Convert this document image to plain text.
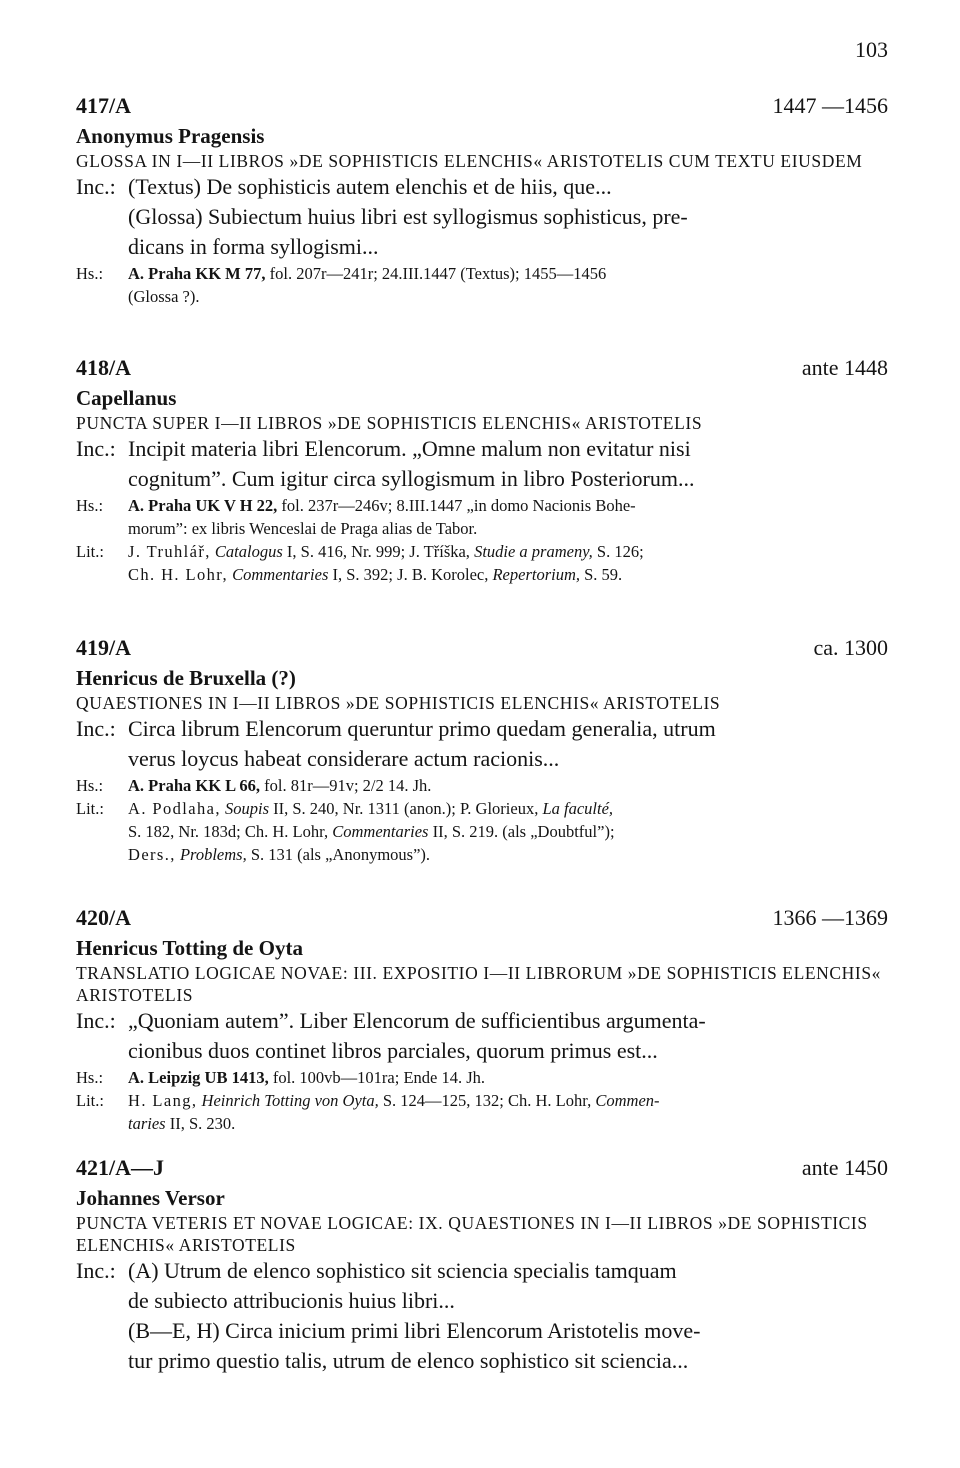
103
417/A	1447 —1456
Anonymus Pragensis
GLOSSA IN I—II LIBROS »DE SOPHISTICIS ELENCHIS« ARISTOTELIS CUM TEXTU EIUSDEM
Inc.: (Textus) De sophisticis autem elenchis et de hiis, que...
(Glossa) Subiectum huius libri est syllogismus sophisticus, pre-
dicans in forma syllogismi...
Hs.:	A. Praha KK M 77, fol. 207r—241r; 24.III.1447 (Textus); 1455—1456
(Glossa ?).
418/A	ante 1448
Capellanus
PUNCTA SUPER I—II LIBROS »DE SOPHISTICIS ELENCHIS« ARISTOTELIS
Inc.: Incipit materia libri Elencorum. „Omne malum non evitatur nisi
cognitum”. Cum igitur circa syllogismum in libro Posteriorum...
Hs.:	A. Praha UK V H 22, fol. 237r—246v; 8.III.1447 „in domo Nacionis Bohe-
morum”: ex libris Wenceslai de Praga alias de Tabor.
Lit.:	J. Truhlář, Catalogus I, S. 416, Nr. 999; J. Tříška, Studie a prameny, S. 126;
Ch. H. Lohr, Commentaries I, S. 392; J. B. Korolec, Repertorium, S. 59.
419/A	ca. 1300
Henricus de Bruxella (?)
QUAESTIONES IN I—II LIBROS »DE SOPHISTICIS ELENCHIS« ARISTOTELIS
Inc.: Circa librum Elencorum queruntur primo quedam generalia, utrum
verus loycus habeat considerare actum racionis...
Hs.:	A. Praha KK L 66, fol. 81r—91v; 2/2 14. Jh.
Lit.:	A. Podlaha, Soupis II, S. 240, Nr. 1311 (anon.); P. Glorieux, La faculté,
S. 182, Nr. 183d; Ch. H. Lohr, Commentaries II, S. 219. (als „Doubtful”);
Ders., Problems, S. 131 (als „Anonymous”).
420/A	1366 —1369
Henricus Totting de Oyta
TRANSLATIO LOGICAE NOVAE: III. EXPOSITIO I—II LIBRORUM »DE SOPHISTICIS ELENCHIS« ARISTOTELIS
Inc.: „Quoniam autem”. Liber Elencorum de sufficientibus argumenta-
cionibus duos continet libros parciales, quorum primus est...
Hs.:	A. Leipzig UB 1413, fol. 100vb—101ra; Ende 14. Jh.
Lit.:	H. Lang, Heinrich Totting von Oyta, S. 124—125, 132; Ch. H. Lohr, Commen-
taries II, S. 230.
421/A—J	ante 1450
Johannes Versor
PUNCTA VETERIS ET NOVAE LOGICAE: IX. QUAESTIONES IN I—II LIBROS »DE SOPHISTICIS ELENCHIS« ARISTOTELIS
Inc.: (A) Utrum de elenco sophistico sit sciencia specialis tamquam
de subiecto attribucionis huius libri...
(B—E, H) Circa inicium primi libri Elencorum Aristotelis move-
tur primo questio talis, utrum de elenco sophistico sit sciencia...
